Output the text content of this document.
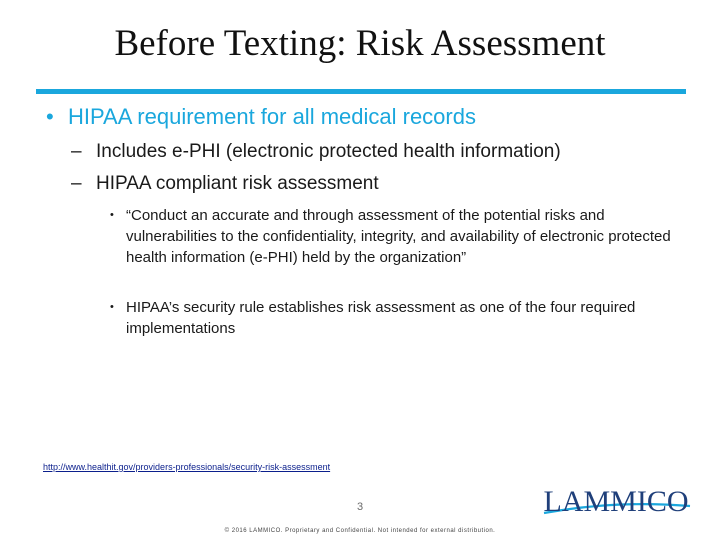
Before Texting: Risk Assessment
• HIPAA requirement for all medical records
– Includes e-PHI (electronic protected health information)
– HIPAA compliant risk assessment
• “Conduct an accurate and through assessment of the potential risks and vulnerabilities to the confidentiality, integrity, and availability of electronic protected health information (e-PHI) held by the organization”
• HIPAA’s security rule establishes risk assessment as one of the four required implementations
http://www.healthit.gov/providers-professionals/security-risk-assessment
3	LAMMICO
© 2016 LAMMICO. Proprietary and Confidential. Not intended for external distribution.
